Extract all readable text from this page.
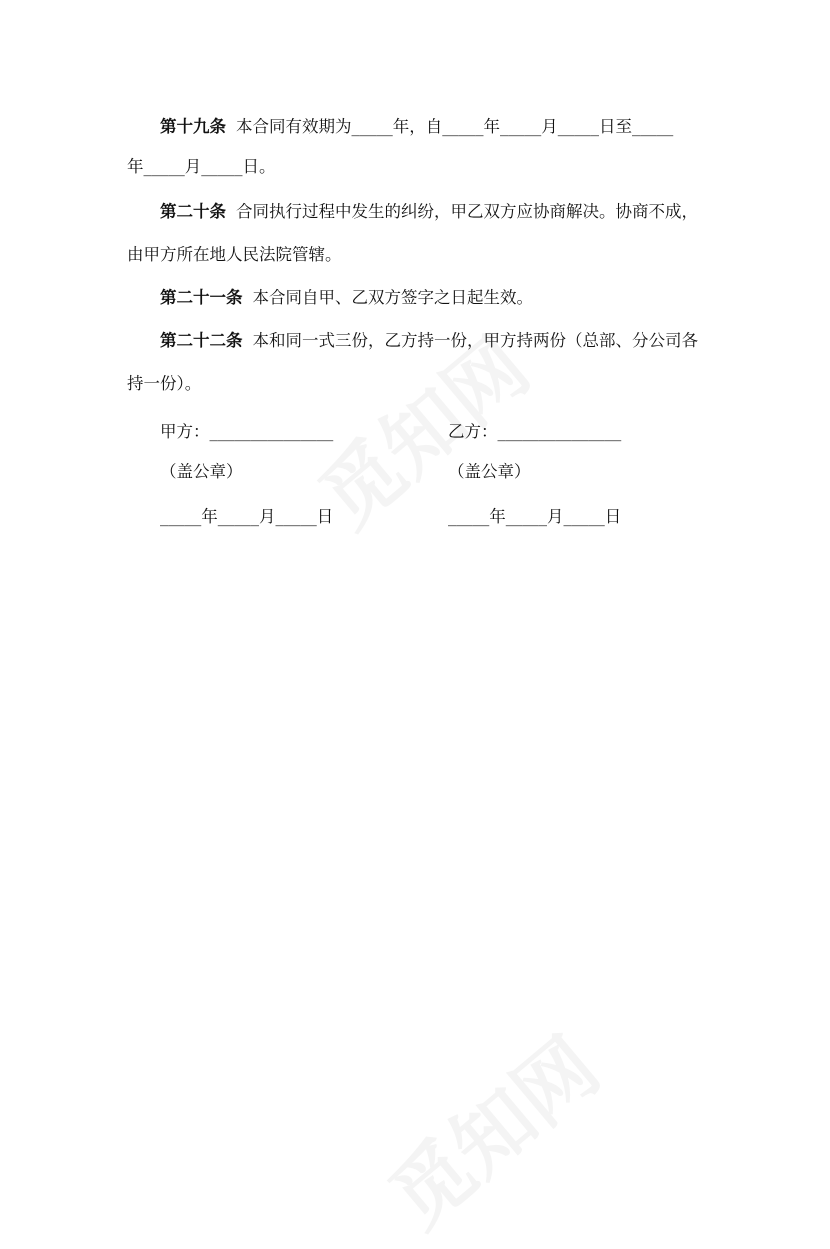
第十九条 本合同有效期为_____年，自_____年_____月_____日至_____
年_____月_____日。
第二十条 合同执行过程中发生的纠纷，甲乙双方应协商解决。协商不成，
由甲方所在地人民法院管辖。
第二十一条 本合同自甲、乙双方签字之日起生效。
第二十二条 本和同一式三份，乙方持一份，甲方持两份（总部、分公司各
持一份）。
甲方：_______________
（盖公章）
_____年_____月_____日
乙方：_______________
（盖公章）
_____年_____月_____日
